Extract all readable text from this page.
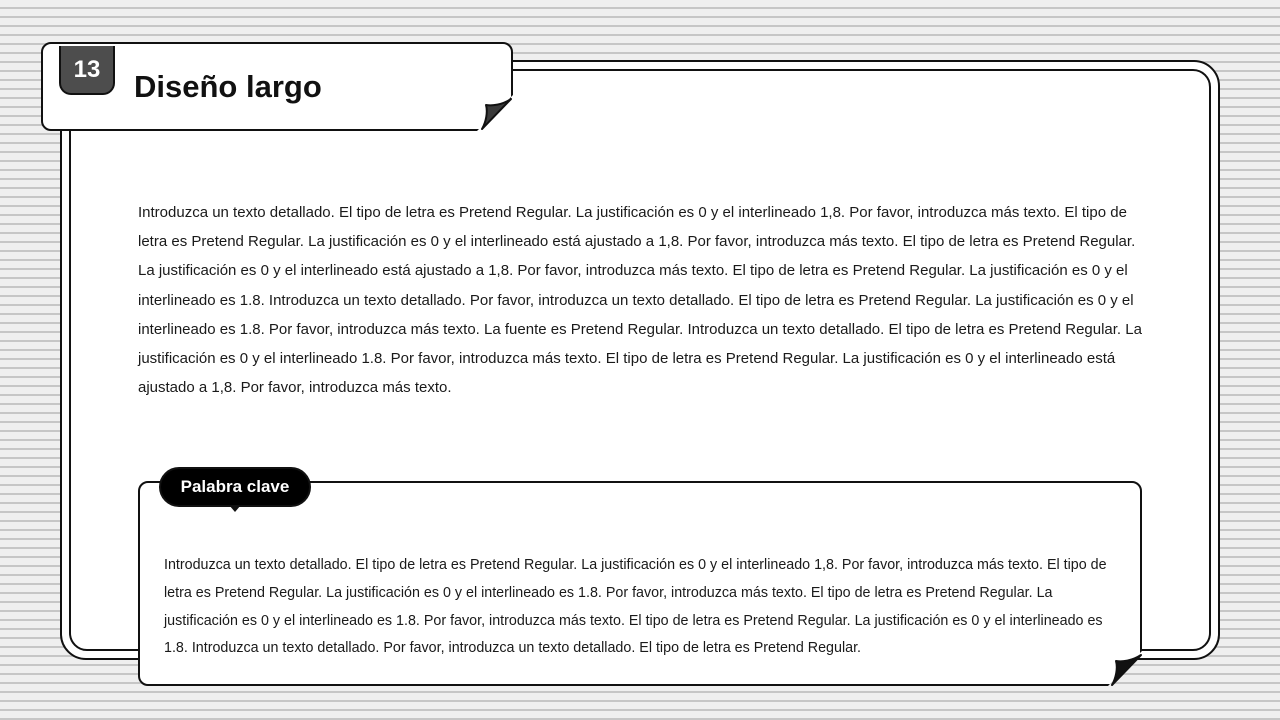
13	Diseño largo

Introduzca un texto detallado. El tipo de letra es Pretend Regular. La justificación es 0 y el interlineado 1,8. Por favor, introduzca más texto. El tipo de letra es Pretend Regular. La justificación es 0 y el interlineado está ajustado a 1,8. Por favor, introduzca más texto. El tipo de letra es Pretend Regular. La justificación es 0 y el interlineado está ajustado a 1,8. Por favor, introduzca más texto. El tipo de letra es Pretend Regular. La justificación es 0 y el interlineado es 1.8. Introduzca un texto detallado. Por favor, introduzca un texto detallado. El tipo de letra es Pretend Regular. La justificación es 0 y el interlineado es 1.8. Por favor, introduzca más texto. La fuente es Pretend Regular. Introduzca un texto detallado. El tipo de letra es Pretend Regular. La justificación es 0 y el interlineado 1.8. Por favor, introduzca más texto. El tipo de letra es Pretend Regular. La justificación es 0 y el interlineado está ajustado a 1,8. Por favor, introduzca más texto.

Palabra clave

Introduzca un texto detallado. El tipo de letra es Pretend Regular. La justificación es 0 y el interlineado 1,8. Por favor, introduzca más texto. El tipo de letra es Pretend Regular. La justificación es 0 y el interlineado es 1.8. Por favor, introduzca más texto. El tipo de letra es Pretend Regular. La justificación es 0 y el interlineado es 1.8. Por favor, introduzca más texto. El tipo de letra es Pretend Regular. La justificación es 0 y el interlineado es 1.8. Introduzca un texto detallado. Por favor, introduzca un texto detallado. El tipo de letra es Pretend Regular.
